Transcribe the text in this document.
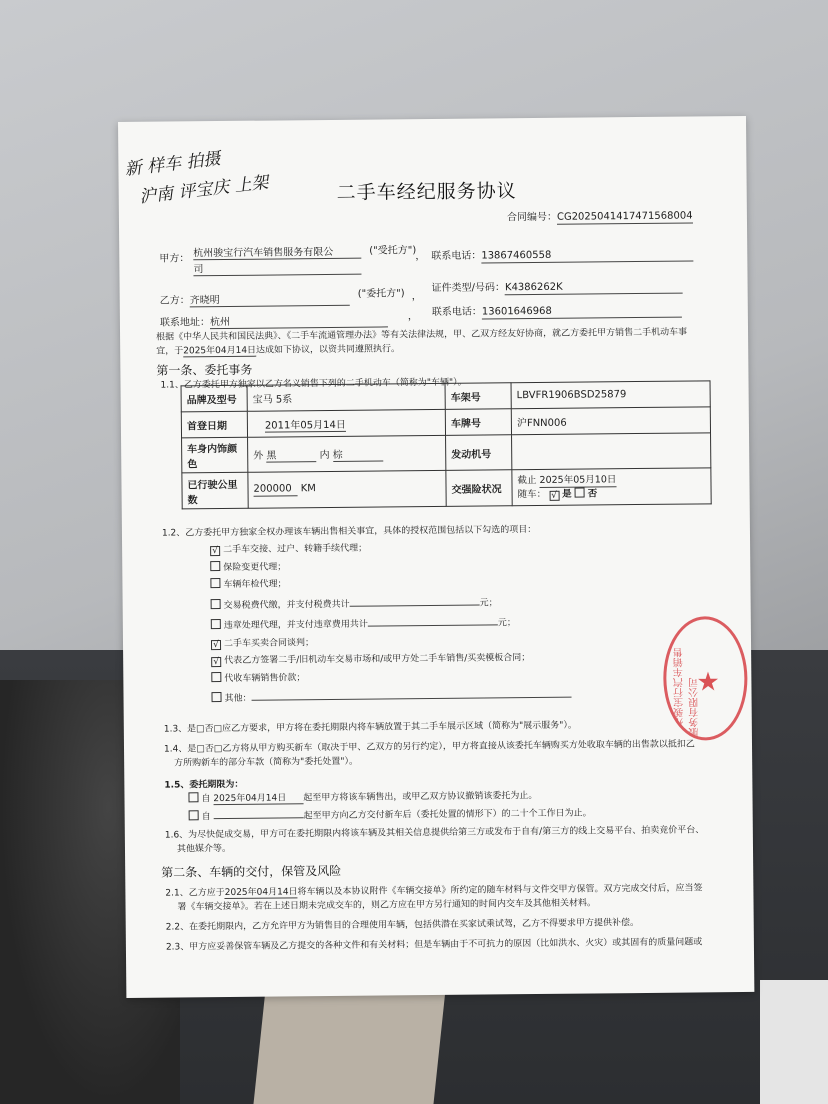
新 样车 拍摄
沪南 评宝庆 上架	二手车经纪服务协议
合同编号：CG2025041417471568004
甲方： 杭州骏宝行汽车销售服务有限公 司
("受托方")
， 联系电话：13867460558
乙方：齐晓明
("委托方") ，
证件类型/号码：K4386262K
联系地址：杭州
， 联系电话：13601646968
根据《中华人民共和国民法典》、《二手车流通管理办法》等有关法律法规，甲、乙双方经友好协商，就乙方委托甲方销售二手机动车事
宜，于2025年04月14日达成如下协议，以资共同遵照执行。
第一条、委托事务
1.1、乙方委托甲方独家以乙方名义销售下列的二手机动车（简称为"车辆"）。
品牌及型号	宝马 5系	车架号	LBVFR1906BSD25879
首登日期	2011年05月14日	车牌号	沪FNN006
车身内饰颜色	外 黑 内 棕	发动机号	
已行驶公里数	200000 KM	交强险状况	截止 2025年05月10日
随车： √ 是 否
1.2、乙方委托甲方独家全权办理该车辆出售相关事宜，具体的授权范围包括以下勾选的项目：
√ 二手车交接、过户、转籍手续代理；
保险变更代理；
车辆年检代理；
交易税费代缴，并支付税费共计	元；
违章处理代理，并支付违章费用共计	元；
√ 二手车买卖合同谈判；
√ 代表乙方签署二手/旧机动车交易市场和/或甲方处二手车销售/买卖模板合同；
代收车辆销售价款；
其他：
1.3、是□否□应乙方要求，甲方将在委托期限内将车辆放置于其二手车展示区域（简称为"展示服务"）。
1.4、是□否□乙方将从甲方购买新车（取决于甲、乙双方的另行约定），甲方将直接从该委托车辆购买方处收取车辆的出售款以抵扣乙
方所购新车的部分车款（简称为"委托处置"）。
1.5、委托期限为：
自 2025年04月14日 起至甲方将该车辆售出，或甲乙双方协议撤销该委托为止。
自	起至甲方向乙方交付新车后（委托处置的情形下）的二十个工作日为止。
1.6、为尽快促成交易，甲方可在委托期限内将该车辆及其相关信息提供给第三方或发布于自有/第三方的线上交易平台、拍卖竞价平台、
其他媒介等。
第二条、车辆的交付，保管及风险
2.1、乙方应于2025年04月14日将车辆以及本协议附件《车辆交接单》所约定的随车材料与文件交甲方保管。双方完成交付后，应当签
署《车辆交接单》。若在上述日期未完成交车的，则乙方应在甲方另行通知的时间内交车及其他相关材料。
2.2、在委托期限内，乙方允许甲方为销售目的合理使用车辆，包括供潜在买家试乘试驾，乙方不得要求甲方提供补偿。
2.3、甲方应妥善保管车辆及乙方提交的各种文件和有关材料；但是车辆由于不可抗力的原因（比如洪水、火灾）或其固有的质量问题或
584
杭州骏宝行汽车销售服务有限公司
★
